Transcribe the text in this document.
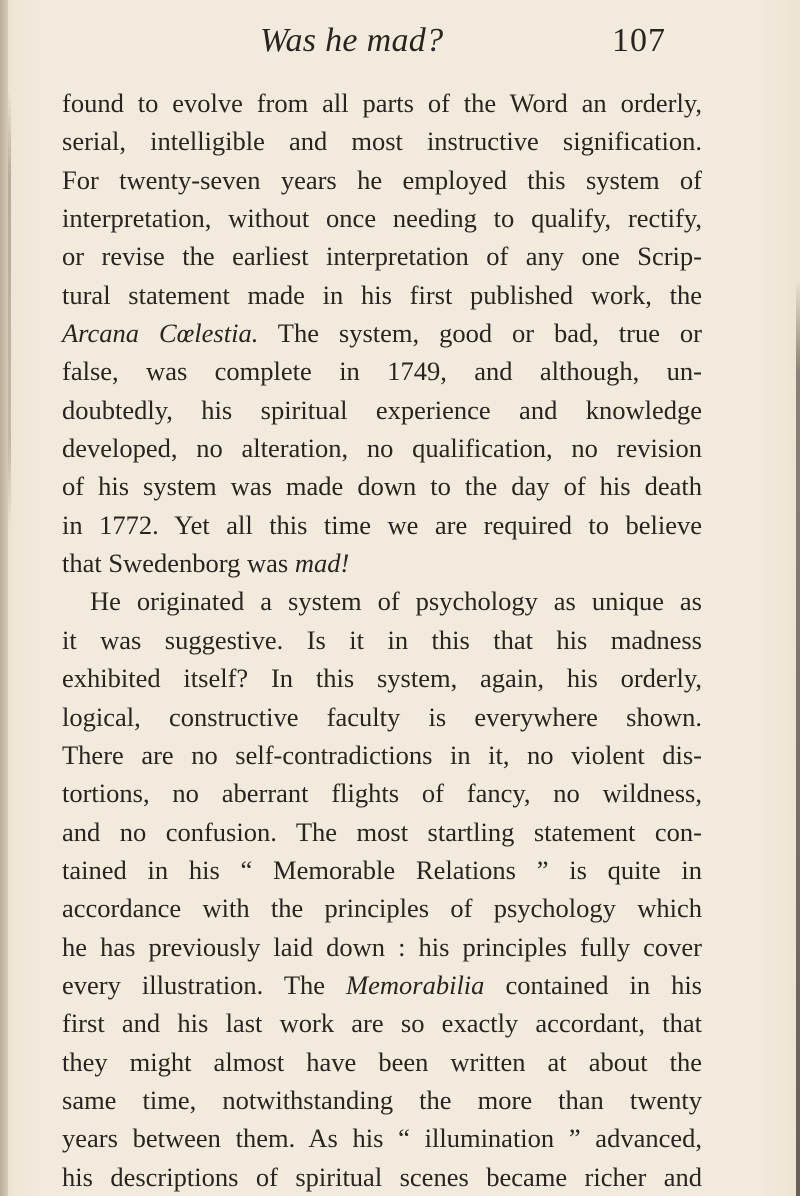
Was he mad?	107
found to evolve from all parts of the Word an orderly,
serial, intelligible and most instructive signification.
For twenty-seven years he employed this system of
interpretation, without once needing to qualify, rectify,
or revise the earliest interpretation of any one Scrip-
tural statement made in his first published work, the
Arcana Cœlestia. The system, good or bad, true or
false, was complete in 1749, and although, un-
doubtedly, his spiritual experience and knowledge
developed, no alteration, no qualification, no revision
of his system was made down to the day of his death
in 1772. Yet all this time we are required to believe
that Swedenborg was mad!
He originated a system of psychology as unique as
it was suggestive. Is it in this that his madness
exhibited itself? In this system, again, his orderly,
logical, constructive faculty is everywhere shown.
There are no self-contradictions in it, no violent dis-
tortions, no aberrant flights of fancy, no wildness,
and no confusion. The most startling statement con-
tained in his “ Memorable Relations ” is quite in
accordance with the principles of psychology which
he has previously laid down : his principles fully cover
every illustration. The Memorabilia contained in his
first and his last work are so exactly accordant, that
they might almost have been written at about the
same time, notwithstanding the more than twenty
years between them. As his “ illumination ” advanced,
his descriptions of spiritual scenes became richer and
